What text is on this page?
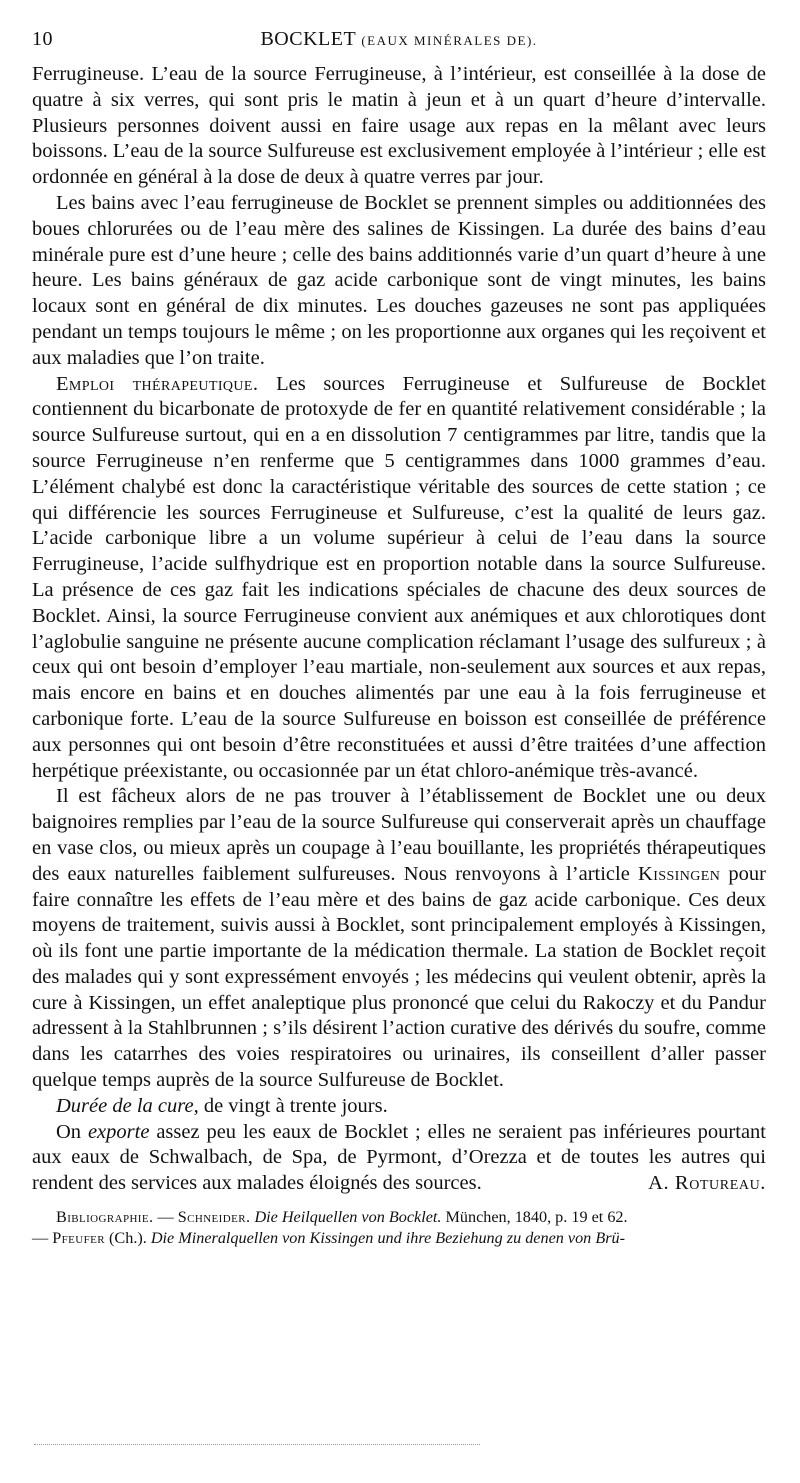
10	BOCKLET (EAUX MINÉRALES DE).

Ferrugineuse. L’eau de la source Ferrugineuse, à l’intérieur, est conseillée à la dose de quatre à six verres, qui sont pris le matin à jeun et à un quart d’heure d’intervalle. Plusieurs personnes doivent aussi en faire usage aux repas en la mêlant avec leurs boissons. L’eau de la source Sulfureuse est exclusivement employée à l’intérieur ; elle est ordonnée en général à la dose de deux à quatre verres par jour.

Les bains avec l’eau ferrugineuse de Bocklet se prennent simples ou additionnées des boues chlorurées ou de l’eau mère des salines de Kissingen. La durée des bains d’eau minérale pure est d’une heure ; celle des bains additionnés varie d’un quart d’heure à une heure. Les bains généraux de gaz acide carbonique sont de vingt minutes, les bains locaux sont en général de dix minutes. Les douches gazeuses ne sont pas appliquées pendant un temps toujours le même ; on les proportionne aux organes qui les reçoivent et aux maladies que l’on traite.

Emploi thérapeutique. Les sources Ferrugineuse et Sulfureuse de Bocklet contiennent du bicarbonate de protoxyde de fer en quantité relativement considérable ; la source Sulfureuse surtout, qui en a en dissolution 7 centigrammes par litre, tandis que la source Ferrugineuse n’en renferme que 5 centigrammes dans 1000 grammes d’eau. L’élément chalybé est donc la caractéristique véritable des sources de cette station ; ce qui différencie les sources Ferrugineuse et Sulfureuse, c’est la qualité de leurs gaz. L’acide carbonique libre a un volume supérieur à celui de l’eau dans la source Ferrugineuse, l’acide sulfhydrique est en proportion notable dans la source Sulfureuse. La présence de ces gaz fait les indications spéciales de chacune des deux sources de Bocklet. Ainsi, la source Ferrugineuse convient aux anémiques et aux chlorotiques dont l’aglobulie sanguine ne présente aucune complication réclamant l’usage des sulfureux ; à ceux qui ont besoin d’employer l’eau martiale, non-seulement aux sources et aux repas, mais encore en bains et en douches alimentés par une eau à la fois ferrugineuse et carbonique forte. L’eau de la source Sulfureuse en boisson est conseillée de préférence aux personnes qui ont besoin d’être reconstituées et aussi d’être traitées d’une affection herpétique préexistante, ou occasionnée par un état chloro-anémique très-avancé.

Il est fâcheux alors de ne pas trouver à l’établissement de Bocklet une ou deux baignoires remplies par l’eau de la source Sulfureuse qui conserverait après un chauffage en vase clos, ou mieux après un coupage à l’eau bouillante, les propriétés thérapeutiques des eaux naturelles faiblement sulfureuses. Nous renvoyons à l’article Kissingen pour faire connaître les effets de l’eau mère et des bains de gaz acide carbonique. Ces deux moyens de traitement, suivis aussi à Bocklet, sont principalement employés à Kissingen, où ils font une partie importante de la médication thermale. La station de Bocklet reçoit des malades qui y sont expressément envoyés ; les médecins qui veulent obtenir, après la cure à Kissingen, un effet analeptique plus prononcé que celui du Rakoczy et du Pandur adressent à la Stahlbrunnen ; s’ils désirent l’action curative des dérivés du soufre, comme dans les catarrhes des voies respiratoires ou urinaires, ils conseillent d’aller passer quelque temps auprès de la source Sulfureuse de Bocklet.

Durée de la cure, de vingt à trente jours.

On exporte assez peu les eaux de Bocklet ; elles ne seraient pas inférieures pourtant aux eaux de Schwalbach, de Spa, de Pyrmont, d’Orezza et de toutes les autres qui rendent des services aux malades éloignés des sources.	A. Rotureau.

Bibliographie. — Schneider. Die Heilquellen von Bocklet. München, 1840, p. 19 et 62.

— Pfeufer (Ch.). Die Mineralquellen von Kissingen und ihre Beziehung zu denen von Brü-
